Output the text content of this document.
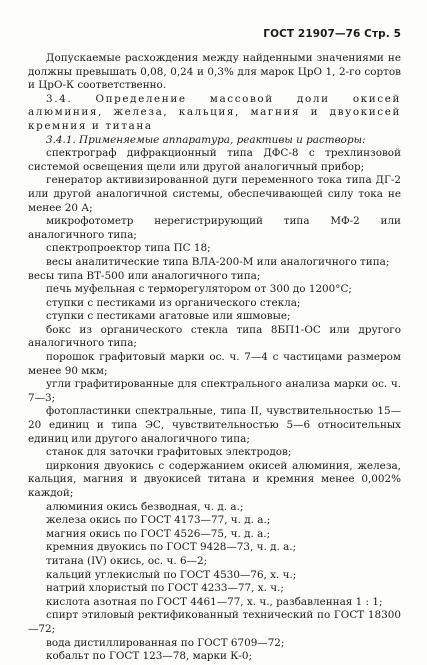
ГОСТ 21907—76 Стр. 5

Допускаемые расхождения между найденными значениями не должны превышать 0,08, 0,24 и 0,3% для марок ЦрО 1, 2-го сортов и ЦрО-К соответственно.

3.4. Определение массовой доли окисей алюминия, железа, кальция, магния и двуокисей кремния и титана

3.4.1. Применяемые аппаратура, реактивы и растворы:

спектрограф дифракционный типа ДФС-8 с трехлинзовой системой освещения щели или другой аналогичный прибор;

генератор активизированной дуги переменного тока типа ДГ-2 или другой аналогичной системы, обеспечивающей силу тока не менее 20 А;

микрофотометр нерегистрирующий типа МФ-2 или аналогичного типа;

спектропроектор типа ПС 18;

весы аналитические типа ВЛА-200-М или аналогичного типа;

весы типа ВТ-500 или аналогичного типа;

печь муфельная с терморегулятором от 300 до 1200°С;

ступки с пестиками из органического стекла;

ступки с пестиками агатовые или яшмовые;

бокс из органического стекла типа 8БП1-ОС или другого аналогичного типа;

порошок графитовый марки ос. ч. 7—4 с частицами размером менее 90 мкм;

угли графитированные для спектрального анализа марки ос. ч. 7—3;

фотопластинки спектральные, типа II, чувствительностью 15—20 единиц и типа ЭС, чувствительностью 5—6 относительных единиц или другого аналогичного типа;

станок для заточки графитовых электродов;

циркония двуокись с содержанием окисей алюминия, железа, кальция, магния и двуокисей титана и кремния менее 0,002% каждой;

алюминия окись безводная, ч. д. а.;

железа окись по ГОСТ 4173—77, ч. д. а.;

магния окись по ГОСТ 4526—75, ч. д. а.;

кремния двуокись по ГОСТ 9428—73, ч. д. а.;

титана (IV) окись, ос. ч. 6—2;

кальций углекислый по ГОСТ 4530—76, х. ч.;

натрий хлористый по ГОСТ 4233—77, х. ч.;

кислота азотная по ГОСТ 4461—77, х. ч., разбавленная 1 : 1;

спирт этиловый ректификованный технический по ГОСТ 18300—72;

вода дистиллированная по ГОСТ 6709—72;

кобальт по ГОСТ 123—78, марки К-0;
